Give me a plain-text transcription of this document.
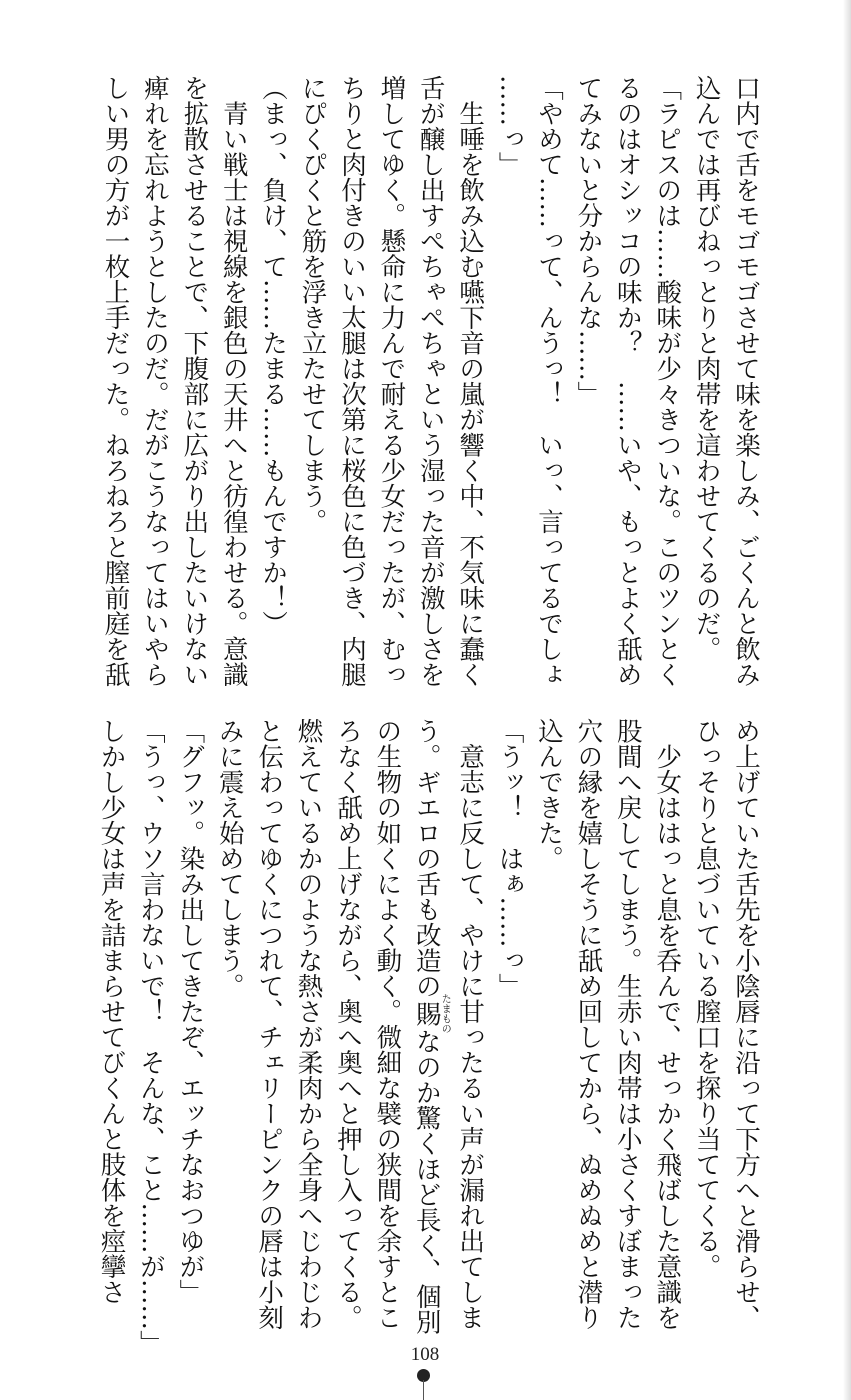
口内で舌をモゴモゴさせて味を楽しみ、ごくんと飲み

込んでは再びねっとりと肉帯を這わせてくるのだ。

「ラピスのは……酸味が少々きついな。このツンとく

るのはオシッコの味か？　……いや、もっとよく舐め

てみないと分からんな……」

「やめて……って、んうっ！　いっ、言ってるでしょ

……っ」

　生唾を飲み込む嚥下音の嵐が響く中、不気味に蠢く

舌が醸し出すぺちゃぺちゃという湿った音が激しさを

増してゆく。懸命に力んで耐える少女だったが、むっ

ちりと肉付きのいい太腿は次第に桜色に色づき、内腿

にぴくぴくと筋を浮き立たせてしまう。

（まっ、負け、て……たまる……もんですか！）

　青い戦士は視線を銀色の天井へと彷徨わせる。意識

を拡散させることで、下腹部に広がり出したいけない

痺れを忘れようとしたのだ。だがこうなってはいやら

しい男の方が一枚上手だった。ねろねろと膣前庭を舐

め上げていた舌先を小陰唇に沿って下方へと滑らせ、

ひっそりと息づいている膣口を探り当ててくる。

　少女ははっと息を呑んで、せっかく飛ばした意識を

股間へ戻してしまう。生赤い肉帯は小さくすぼまった

穴の縁を嬉しそうに舐め回してから、ぬめぬめと潜り

込んできた。

「うッ！　はぁ……っ」

　意志に反して、やけに甘ったるい声が漏れ出てしま

う。ギエロの舌も改造の賜たまものなのか驚くほど長く、個別

の生物の如くによく動く。微細な襞の狭間を余すとこ

ろなく舐め上げながら、奥へ奥へと押し入ってくる。

燃えているかのような熱さが柔肉から全身へじわじわ

と伝わってゆくにつれて、チェリーピンクの唇は小刻

みに震え始めてしまう。

「グフッ。染み出してきたぞ、エッチなおつゆが」

「うっ、ウソ言わないで！　そんな、こと……が……」

しかし少女は声を詰まらせてびくんと肢体を痙攣さ

108
